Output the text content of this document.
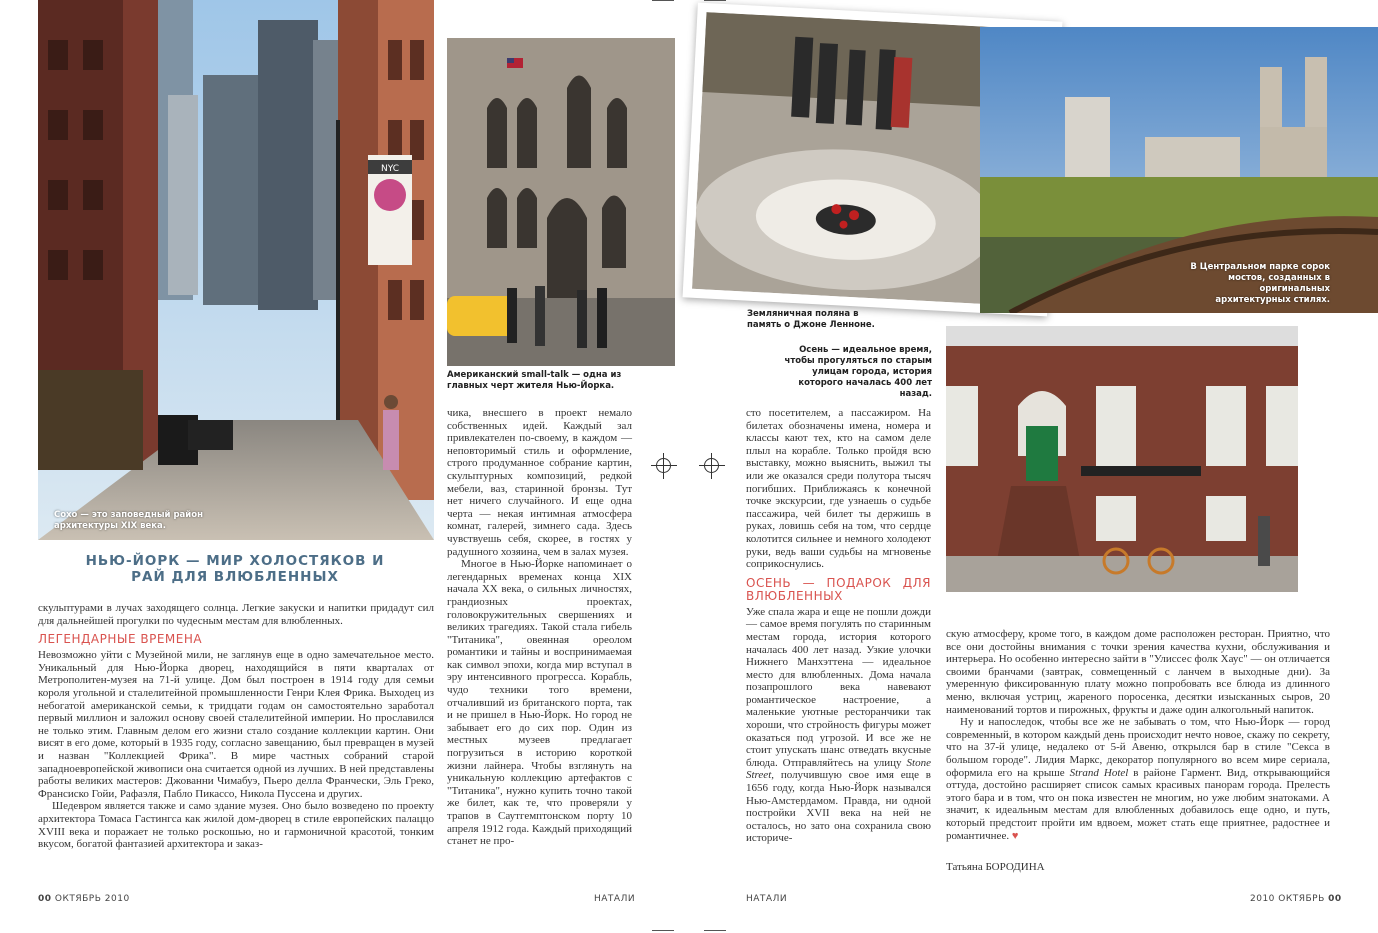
NYC
Сохо — это заповедный район архитектуры XIX века.
Американский small-talk — одна из главных черт жителя Нью-Йорка.
Земляничная поляна в память о Джоне Ленноне.
Осень — идеальное время, чтобы прогуляться по старым улицам города, история которого началась 400 лет назад.
В Центральном парке сорок мостов, созданных в оригинальных архитектурных стилях.
НЬЮ-ЙОРК — МИР ХОЛОСТЯКОВ И РАЙ ДЛЯ ВЛЮБЛЕННЫХ

скульптурами в лучах заходящего солнца. Легкие закуски и напитки придадут сил для дальнейшей прогулки по чудесным местам для влюбленных.

ЛЕГЕНДАРНЫЕ ВРЕМЕНА

Невозможно уйти с Музейной мили, не заглянув еще в одно замечательное место. Уникальный для Нью-Йорка дворец, находящийся в пяти кварталах от Метрополитен-музея на 71-й улице. Дом был построен в 1914 году для семьи короля угольной и сталелитейной промышленности Генри Клея Фрика. Выходец из небогатой американской семьи, к тридцати годам он самостоятельно заработал первый миллион и заложил основу своей сталелитейной империи. Но прославился не только этим. Главным делом его жизни стало создание коллекции картин. Они висят в его доме, который в 1935 году, согласно завещанию, был превращен в музей и назван "Коллекцией Фрика". В мире частных собраний старой западноевропейской живописи она считается одной из лучших. В ней представлены работы великих мастеров: Джованни Чимабуэ, Пьеро делла Франчески, Эль Греко, Франсиско Гойи, Рафаэля, Пабло Пикассо, Никола Пуссена и других.

Шедевром является также и само здание музея. Оно было возведено по проекту архитектора Томаса Гастингса как жилой дом-дворец в стиле европейских палаццо XVIII века и поражает не только роскошью, но и гармоничной красотой, тонким вкусом, богатой фантазией архитектора и заказ-

чика, внесшего в проект немало собственных идей. Каждый зал привлекателен по-своему, в каждом — неповторимый стиль и оформление, строго продуманное собрание картин, скульптурных композиций, редкой мебели, ваз, старинной бронзы. Тут нет ничего случайного. И еще одна черта — некая интимная атмосфера комнат, галерей, зимнего сада. Здесь чувствуешь себя, скорее, в гостях у радушного хозяина, чем в залах музея.

Многое в Нью-Йорке напоминает о легендарных временах конца XIX начала XX века, о сильных личностях, грандиозных проектах, головокружительных свершениях и великих трагедиях. Такой стала гибель "Титаника", овеянная ореолом романтики и тайны и воспринимаемая как символ эпохи, когда мир вступал в эру интенсивного прогресса. Корабль, чудо техники того времени, отчаливший из британского порта, так и не пришел в Нью-Йорк. Но город не забывает его до сих пор. Один из местных музеев предлагает погрузиться в историю короткой жизни лайнера. Чтобы взглянуть на уникальную коллекцию артефактов с "Титаника", нужно купить точно такой же билет, как те, что проверяли у трапов в Саутгемптонском порту 10 апреля 1912 года. Каждый приходящий станет не про-

сто посетителем, а пассажиром. На билетах обозначены имена, номера и классы кают тех, кто на самом деле плыл на корабле. Только пройдя всю выставку, можно выяснить, выжил ты или же оказался среди полутора тысяч погибших. Приближаясь к конечной точке экскурсии, где узнаешь о судьбе пассажира, чей билет ты держишь в руках, ловишь себя на том, что сердце колотится сильнее и немного холодеют руки, ведь ваши судьбы на мгновенье соприкоснулись.

ОСЕНЬ — ПОДАРОК ДЛЯ ВЛЮБЛЕННЫХ

Уже спала жара и еще не пошли дожди — самое время погулять по старинным местам города, история которого началась 400 лет назад. Узкие улочки Нижнего Манхэттена — идеальное место для влюбленных. Дома начала позапрошлого века навевают романтическое настроение, а маленькие уютные ресторанчики так хороши, что стройность фигуры может оказаться под угрозой. И все же не стоит упускать шанс отведать вкусные блюда. Отправляйтесь на улицу Stone Street, получившую свое имя еще в 1656 году, когда Нью-Йорк назывался Нью-Амстердамом. Правда, ни одной постройки XVII века на ней не осталось, но зато она сохранила свою историче-

скую атмосферу, кроме того, в каждом доме расположен ресторан. Приятно, что все они достойны внимания с точки зрения качества кухни, обслуживания и интерьера. Но особенно интересно зайти в "Улиссес фолк Хаус" — он отличается своими бранчами (завтрак, совмещенный с ланчем в выходные дни). За умеренную фиксированную плату можно попробовать все блюда из длинного меню, включая устриц, жареного поросенка, десятки изысканных сыров, 20 наименований тортов и пирожных, фрукты и даже один алкогольный напиток.

Ну и напоследок, чтобы все же не забывать о том, что Нью-Йорк — город современный, в котором каждый день происходит нечто новое, скажу по секрету, что на 37-й улице, недалеко от 5-й Авеню, открылся бар в стиле "Секса в большом городе". Лидия Маркс, декоратор популярного во всем мире сериала, оформила его на крыше Strand Hotel в районе Гармент. Вид, открывающийся оттуда, достойно расширяет список самых красивых панорам города. Прелесть этого бара и в том, что он пока известен не многим, но уже любим знатоками. А значит, к идеальным местам для влюбленных добавилось еще одно, и путь, который предстоит пройти им вдвоем, может стать еще приятнее, радостнее и романтичнее. ♥

Татьяна БОРОДИНА
00 ОКТЯБРЬ 2010	НАТАЛИ	НАТАЛИ	2010 ОКТЯБРЬ 00
